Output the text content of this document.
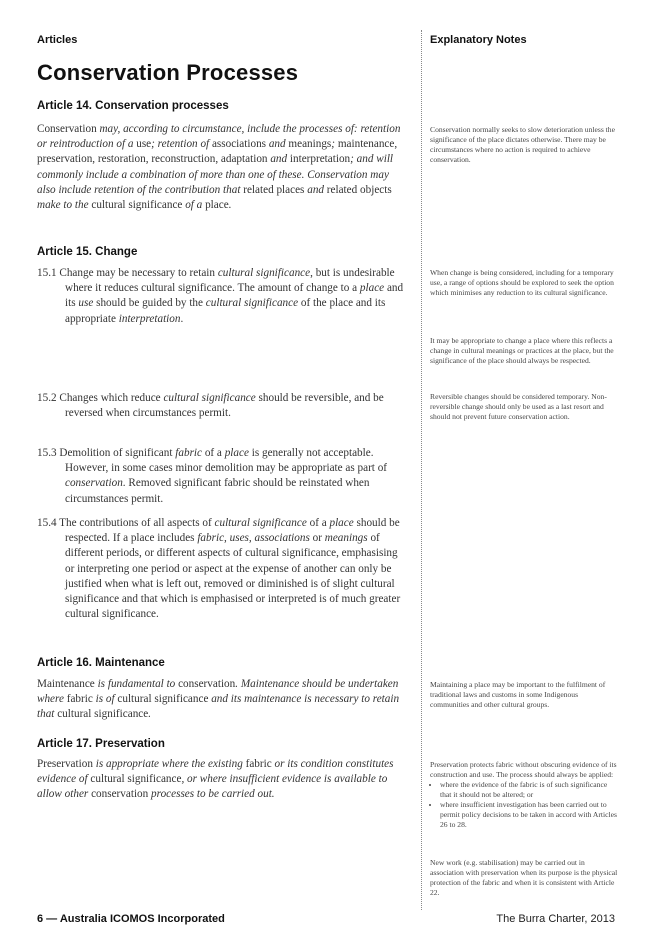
Articles	Explanatory Notes
Conservation Processes
Article 14. Conservation processes

Conservation may, according to circumstance, include the processes of: retention or reintroduction of a use; retention of associations and meanings; maintenance, preservation, restoration, reconstruction, adaptation and interpretation; and will commonly include a combination of more than one of these. Conservation may also include retention of the contribution that related places and related objects make to the cultural significance of a place.

Conservation normally seeks to slow deterioration unless the significance of the place dictates otherwise. There may be circumstances where no action is required to achieve conservation.

Article 15. Change

15.1 Change may be necessary to retain cultural significance, but is undesirable where it reduces cultural significance. The amount of change to a place and its use should be guided by the cultural significance of the place and its appropriate interpretation.

When change is being considered, including for a temporary use, a range of options should be explored to seek the option which minimises any reduction to its cultural significance.

It may be appropriate to change a place where this reflects a change in cultural meanings or practices at the place, but the significance of the place should always be respected.

15.2 Changes which reduce cultural significance should be reversible, and be reversed when circumstances permit.

Reversible changes should be considered temporary. Non-reversible change should only be used as a last resort and should not prevent future conservation action.

15.3 Demolition of significant fabric of a place is generally not acceptable. However, in some cases minor demolition may be appropriate as part of conservation. Removed significant fabric should be reinstated when circumstances permit.

15.4 The contributions of all aspects of cultural significance of a place should be respected. If a place includes fabric, uses, associations or meanings of different periods, or different aspects of cultural significance, emphasising or interpreting one period or aspect at the expense of another can only be justified when what is left out, removed or diminished is of slight cultural significance and that which is emphasised or interpreted is of much greater cultural significance.

Article 16. Maintenance

Maintenance is fundamental to conservation. Maintenance should be undertaken where fabric is of cultural significance and its maintenance is necessary to retain that cultural significance.

Maintaining a place may be important to the fulfilment of traditional laws and customs in some Indigenous communities and other cultural groups.

Article 17. Preservation

Preservation is appropriate where the existing fabric or its condition constitutes evidence of cultural significance, or where insufficient evidence is available to allow other conservation processes to be carried out.

Preservation protects fabric without obscuring evidence of its construction and use. The process should always be applied:
• where the evidence of the fabric is of such significance that it should not be altered; or
• where insufficient investigation has been carried out to permit policy decisions to be taken in accord with Articles 26 to 28.

New work (e.g. stabilisation) may be carried out in association with preservation when its purpose is the physical protection of the fabric and when it is consistent with Article 22.

6 — Australia ICOMOS Incorporated	The Burra Charter, 2013
